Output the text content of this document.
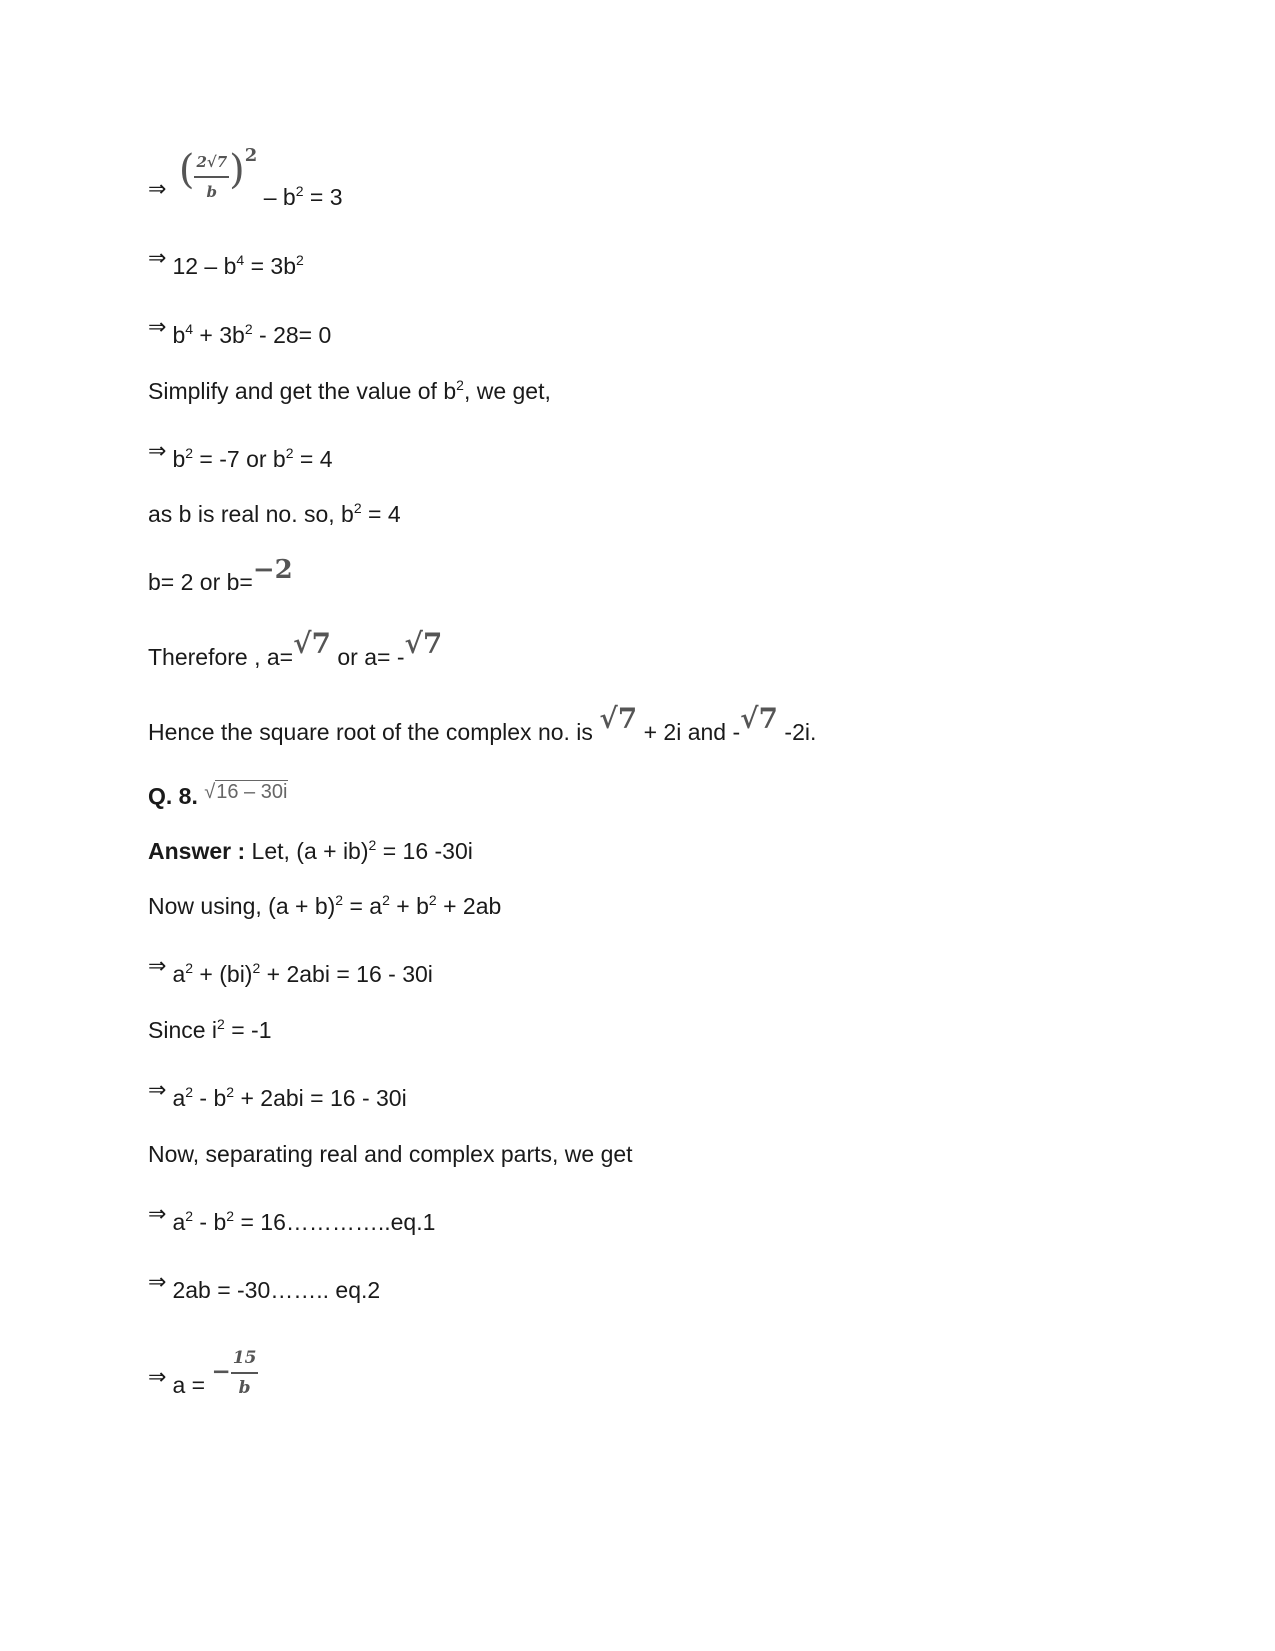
⇒ ( $\frac{2√7}{b} )^2 - b^2 = 3$
⇒ $12 - b^4 = 3b^2$
⇒ $b^4 + 3b^2 - 28= 0$
Simplify and get the value of $b^2$, we get,
⇒ $b^2 = -7$ or $b^2 = 4$
as b is real no. so, $b^2 = 4$
b= 2 or b=−2
Therefore , a=√7 or a= -√7
Hence the square root of the complex no. is √7 + 2i and -√7 -2i.
Q. 8. √16 – 30i
Answer : Let, (a + ib)$^2$ = 16 -30i
Now using, $(a + b)^2 = a^2 + b^2 + 2ab$
⇒ $a^2 + (bi)^2 + 2abi = 16 - 30i$
Since $i^2 = -1$
⇒ $a^2 - b^2 + 2abi = 16 - 30i$
Now, separating real and complex parts, we get
⇒ $a^2 - b^2$ = 16…………..eq.1
⇒ 2ab = -30…….. eq.2
⇒ a = − $\frac{15}{b}$
